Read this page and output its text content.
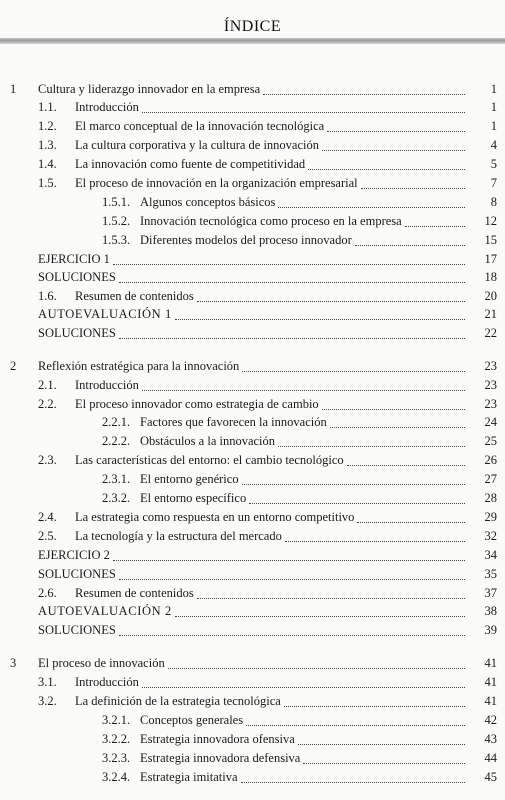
ÍNDICE
1 Cultura y liderazgo innovador en la empresa	1
1.1. Introducción	1
1.2. El marco conceptual de la innovación tecnológica	1
1.3. La cultura corporativa y la cultura de innovación	4
1.4. La innovación como fuente de competitividad	5
1.5. El proceso de innovación en la organización empresarial	7
1.5.1. Algunos conceptos básicos	8
1.5.2. Innovación tecnológica como proceso en la empresa	12
1.5.3. Diferentes modelos del proceso innovador	15
EJERCICIO 1	17
SOLUCIONES	18
1.6. Resumen de contenidos	20
AUTOEVALUACIÓN 1	21
SOLUCIONES	22
2 Reflexión estratégica para la innovación	23
2.1. Introducción	23
2.2. El proceso innovador como estrategia de cambio	23
2.2.1. Factores que favorecen la innovación	24
2.2.2. Obstáculos a la innovación	25
2.3. Las características del entorno: el cambio tecnológico	26
2.3.1. El entorno genérico	27
2.3.2. El entorno específico	28
2.4. La estrategia como respuesta en un entorno competitivo	29
2.5. La tecnología y la estructura del mercado	32
EJERCICIO 2	34
SOLUCIONES	35
2.6. Resumen de contenidos	37
AUTOEVALUACIÓN 2	38
SOLUCIONES	39
3 El proceso de innovación	41
3.1. Introducción	41
3.2. La definición de la estrategia tecnológica	41
3.2.1. Conceptos generales	42
3.2.2. Estrategia innovadora ofensiva	43
3.2.3. Estrategia innovadora defensiva	44
3.2.4. Estrategia imitativa	45
